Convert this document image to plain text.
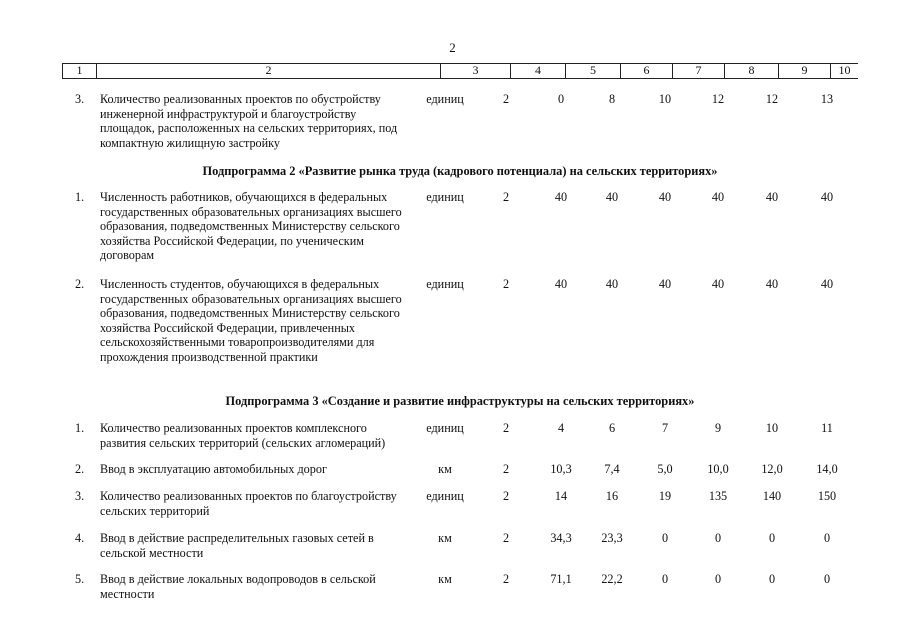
2
1	2	3	4	5	6	7	8	9	10
3. Количество реализованных проектов по обустройству инженерной инфраструктурой и благоустройству площадок, расположенных на сельских территориях, под компактную жилищную застройку
единиц	2	0	8	10	12	12	13
Подпрограмма 2 «Развитие рынка труда (кадрового потенциала) на сельских территориях»
1. Численность работников, обучающихся в федеральных государственных образовательных организациях высшего образования, подведомственных Министерству сельского хозяйства Российской Федерации, по ученическим договорам
единиц	2	40	40	40	40	40	40
2. Численность студентов, обучающихся в федеральных государственных образовательных организациях высшего образования, подведомственных Министерству сельского хозяйства Российской Федерации, привлеченных сельскохозяйственными товаропроизводителями для прохождения производственной практики
единиц	2	40	40	40	40	40	40
Подпрограмма 3 «Создание и развитие инфраструктуры на сельских территориях»
1. Количество реализованных проектов комплексного развития сельских территорий (сельских агломераций)
единиц	2	4	6	7	9	10	11
2. Ввод в эксплуатацию автомобильных дорог	км	2	10,3	7,4	5,0	10,0	12,0	14,0
3. Количество реализованных проектов по благоустройству сельских территорий
единиц	2	14	16	19	135	140	150
4. Ввод в действие распределительных газовых сетей в сельской местности
км	2	34,3	23,3	0	0	0	0
5. Ввод в действие локальных водопроводов в сельской местности
км	2	71,1	22,2	0	0	0	0
